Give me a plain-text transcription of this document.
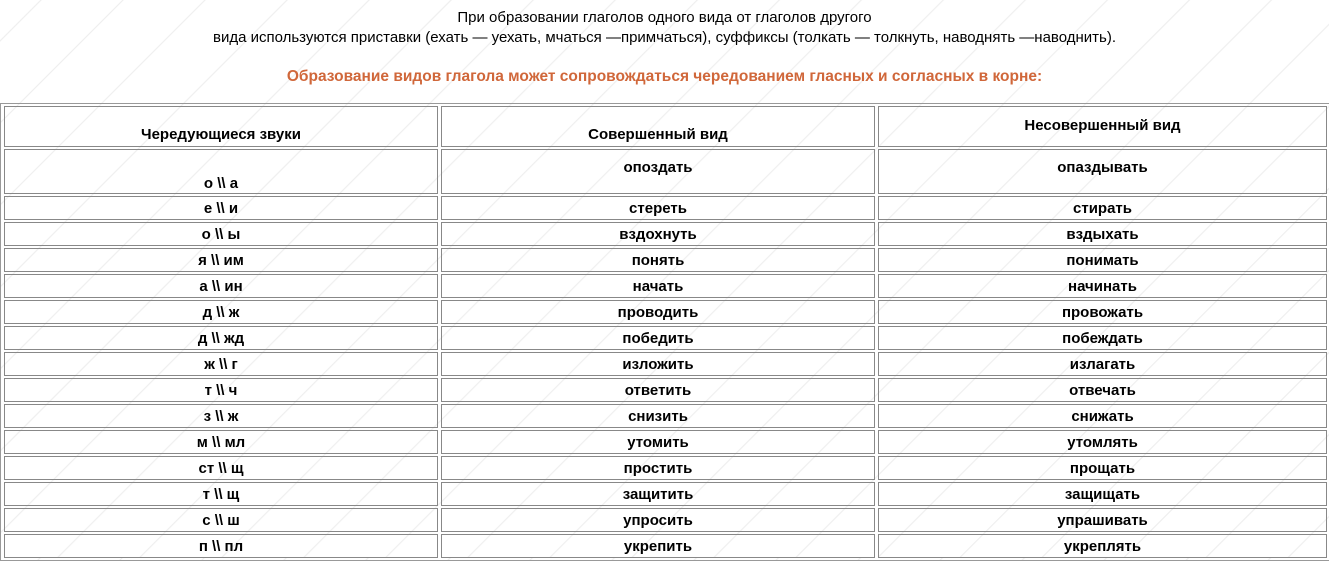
При образовании глаголов одного вида от глаголов другого

вида используются приставки (ехать — уехать, мчаться —примчаться), суффиксы (толкать — толкнуть, наводнять —наводнить).

Образование видов глагола может сопровождаться чередованием гласных и согласных в корне:
Чередующиеся звуки	Совершенный вид	Несовершенный вид
о \\ а	опоздать	опаздывать
е \\ и	стереть	стирать
о \\ ы	вздохнуть	вздыхать
я \\ им	понять	понимать
а \\ ин	начать	начинать
д \\ ж	проводить	провожать
д \\ жд	победить	побеждать
ж \\ г	изложить	излагать
т \\ ч	ответить	отвечать
з \\ ж	снизить	снижать
м \\ мл	утомить	утомлять
ст \\ щ	простить	прощать
т \\ щ	защитить	защищать
с \\ ш	упросить	упрашивать
п \\ пл	укрепить	укреплять
